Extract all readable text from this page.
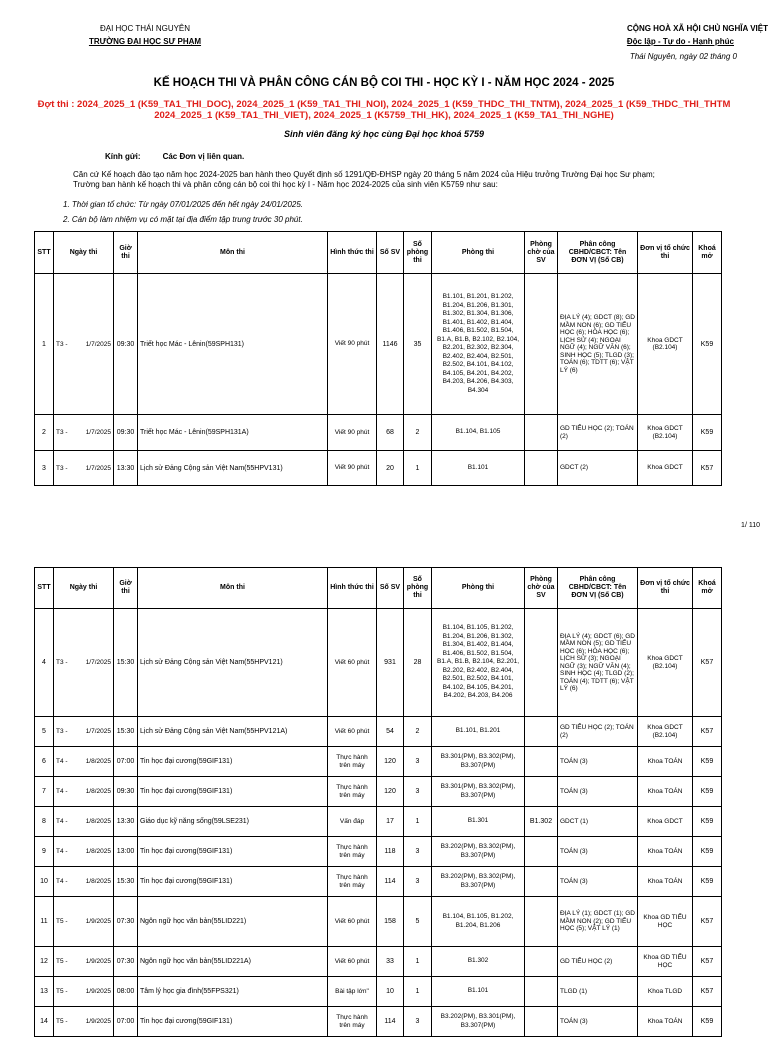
ĐẠI HỌC THÁI NGUYÊN
TRƯỜNG ĐẠI HỌC SƯ PHẠM
CỘNG HOÀ XÃ HỘI CHỦ NGHĨA VIỆT
Độc lập - Tự do - Hạnh phúc
Thái Nguyên, ngày 02 tháng 0
KẾ HOẠCH THI VÀ PHÂN CÔNG CÁN BỘ COI THI - HỌC KỲ I - NĂM HỌC 2024 - 2025
Đợt thi : 2024_2025_1 (K59_TA1_THI_DOC), 2024_2025_1 (K59_TA1_THI_NOI), 2024_2025_1 (K59_THDC_THI_TNTM), 2024_2025_1 (K59_THDC_THI_THTM
2024_2025_1 (K59_TA1_THI_VIET), 2024_2025_1 (K5759_THI_HK), 2024_2025_1 (K59_TA1_THI_NGHE)
Sinh viên đăng ký học cùng Đại học khoá 5759
Kính gửi:	Các Đơn vị liên quan.
Căn cứ Kế hoạch đào tạo năm học 2024-2025 ban hành theo Quyết định số 1291/QĐ-ĐHSP ngày 20 tháng 5 năm 2024 của Hiệu trưởng Trường Đại học Sư phạm;
Trường ban hành kế hoạch thi và phân công cán bộ coi thi học kỳ I - Năm học 2024-2025 của sinh viên K5759 như sau:
1. Thời gian tổ chức: Từ ngày 07/01/2025 đến hết ngày 24/01/2025.
2. Cán bộ làm nhiệm vụ có mặt tại địa điểm tập trung trước 30 phút.
1/ 110
STT	Ngày thi	Giờ thi	Môn thi	Hình thức thi	Số SV	Số phòng thi	Phòng thi	Phòng chờ của SV	Phân công CBHD/CBCT: Tên ĐƠN VỊ (Số CB)	Đơn vị tổ chức thi	Khoá mở
1	T3 - 1/7/2025	09:30	Triết học Mác - Lênin(59SPH131)	Viết 90 phút	1146	35	B1.101, B1.201, B1.202, B1.204, B1.206, B1.301, B1.302, B1.304, B1.306, B1.401, B1.402, B1.404, B1.406, B1.502, B1.504, B1.A, B1.B, B2.102, B2.104, B2.201, B2.302, B2.304, B2.402, B2.404, B2.501, B2.502, B4.101, B4.102, B4.105, B4.201, B4.202, B4.203, B4.206, B4.303, B4.304		ĐỊA LÝ (4); GDCT (8); GD MẦM NON (6); GD TIỂU HỌC (6); HÓA HỌC (6); LỊCH SỬ (4); NGOẠI NGỮ (4); NGỮ VĂN (6); SINH HỌC (5); TLGD (3); TOÁN (6); TDTT (6); VẬT LÝ (6)	Khoa GDCT (B2.104)	K59
2	T3 - 1/7/2025	09:30	Triết học Mác - Lênin(59SPH131A)	Viết 90 phút	68	2	B1.104, B1.105		GD TIỂU HỌC (2); TOÁN (2)	Khoa GDCT (B2.104)	K59
3	T3 - 1/7/2025	13:30	Lịch sử Đảng Cộng sản Việt Nam(55HPV131)	Viết 90 phút	20	1	B1.101		GDCT (2)	Khoa GDCT	K57
STT	Ngày thi	Giờ thi	Môn thi	Hình thức thi	Số SV	Số phòng thi	Phòng thi	Phòng chờ của SV	Phân công CBHD/CBCT: Tên ĐƠN VỊ (Số CB)	Đơn vị tổ chức thi	Khoá mở
4	T3 - 1/7/2025	15:30	Lịch sử Đảng Cộng sản Việt Nam(55HPV121)	Viết 60 phút	931	28	B1.104, B1.105, B1.202, B1.204, B1.206, B1.302, B1.304, B1.402, B1.404, B1.406, B1.502, B1.504, B1.A, B1.B, B2.104, B2.201, B2.202, B2.402, B2.404, B2.501, B2.502, B4.101, B4.102, B4.105, B4.201, B4.202, B4.203, B4.206		ĐỊA LÝ (4); GDCT (6); GD MẦM NON (5); GD TIỂU HỌC (6); HÓA HỌC (6); LỊCH SỬ (3); NGOẠI NGỮ (3); NGỮ VĂN (4); SINH HỌC (4); TLGD (2); TOÁN (4); TDTT (6); VẬT LÝ (6)	Khoa GDCT (B2.104)	K57
5	T3 - 1/7/2025	15:30	Lịch sử Đảng Cộng sản Việt Nam(55HPV121A)	Viết 60 phút	54	2	B1.101, B1.201		GD TIỂU HỌC (2); TOÁN (2)	Khoa GDCT (B2.104)	K57
6	T4 - 1/8/2025	07:00	Tin học đại cương(59GIF131)	Thực hành trên máy	120	3	B3.301(PM), B3.302(PM), B3.307(PM)		TOÁN (3)	Khoa TOÁN	K59
7	T4 - 1/8/2025	09:30	Tin học đại cương(59GIF131)	Thực hành trên máy	120	3	B3.301(PM), B3.302(PM), B3.307(PM)		TOÁN (3)	Khoa TOÁN	K59
8	T4 - 1/8/2025	13:30	Giáo dục kỹ năng sống(59LSE231)	Vấn đáp	17	1	B1.301	B1.302	GDCT (1)	Khoa GDCT	K59
9	T4 - 1/8/2025	13:00	Tin học đại cương(59GIF131)	Thực hành trên máy	118	3	B3.202(PM), B3.302(PM), B3.307(PM)		TOÁN (3)	Khoa TOÁN	K59
10	T4 - 1/8/2025	15:30	Tin học đại cương(59GIF131)	Thực hành trên máy	114	3	B3.202(PM), B3.302(PM), B3.307(PM)		TOÁN (3)	Khoa TOÁN	K59
11	T5 - 1/9/2025	07:30	Ngôn ngữ học văn bản(55LID221)	Viết 60 phút	158	5	B1.104, B1.105, B1.202, B1.204, B1.206		ĐỊA LÝ (1); GDCT (1); GD MẦM NON (2); GD TIỂU HỌC (5); VẬT LÝ (1)	Khoa GD TIỂU HỌC	K57
12	T5 - 1/9/2025	07:30	Ngôn ngữ học văn bản(55LID221A)	Viết 60 phút	33	1	B1.302		GD TIỂU HỌC (2)	Khoa GD TIỂU HỌC	K57
13	T5 - 1/9/2025	08:00	Tâm lý học gia đình(55FPS321)	Bài tập lớn"	10	1	B1.101		TLGD (1)	Khoa TLGD	K57
14	T5 - 1/9/2025	07:00	Tin học đại cương(59GIF131)	Thực hành trên máy	114	3	B3.202(PM), B3.301(PM), B3.307(PM)		TOÁN (3)	Khoa TOÁN	K59
